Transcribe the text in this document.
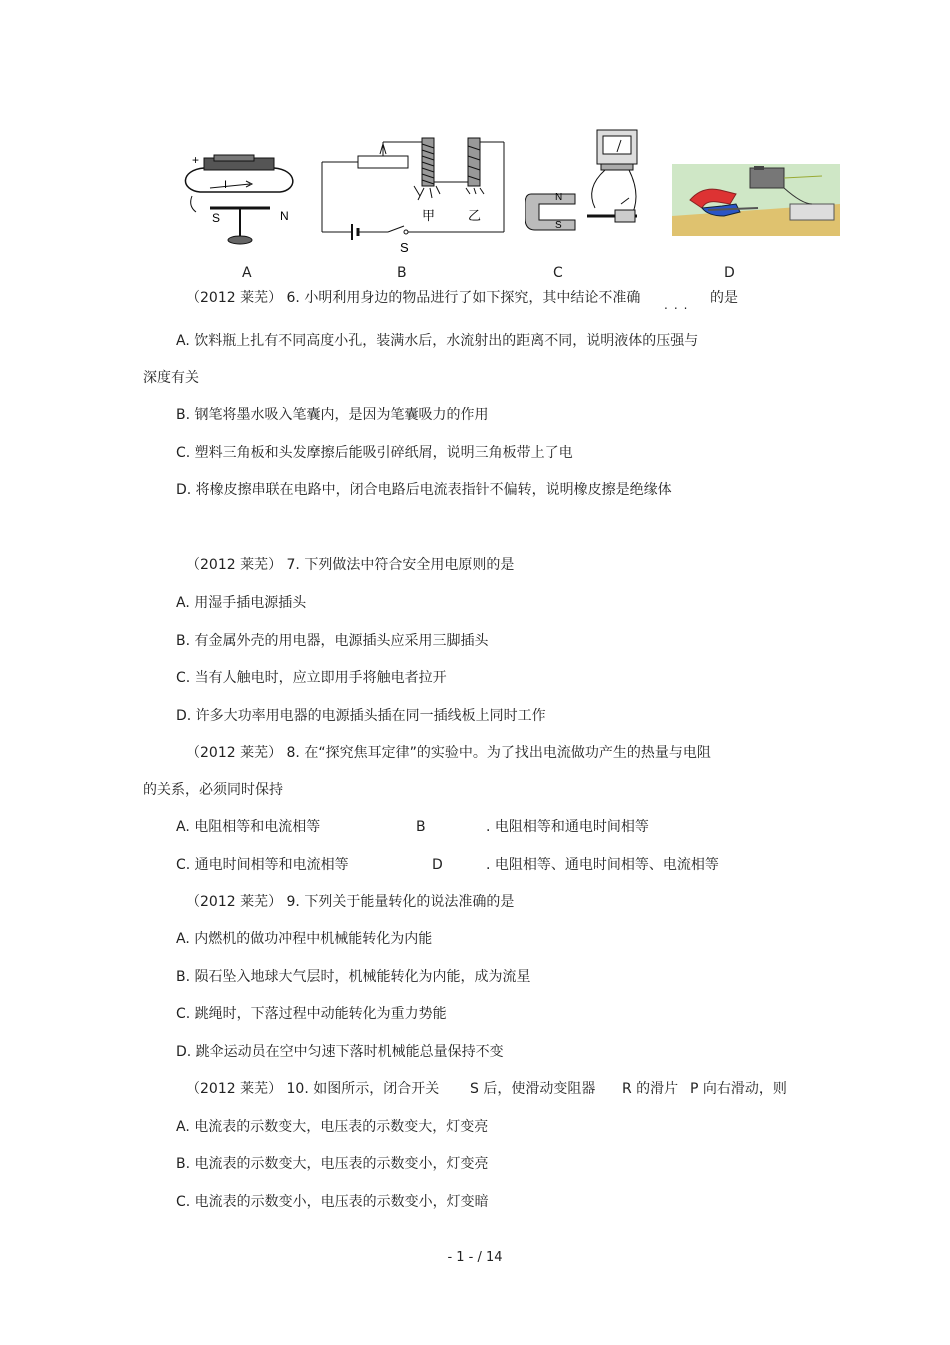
+
I
S	N
A
甲	乙
S
B
N
S
C	D
（2012 莱芜） 6. 小明利用身边的物品进行了如下探究，其中结论不准确 ... 的是
A. 饮料瓶上扎有不同高度小孔，装满水后，水流射出的距离不同，说明液体的压强与
深度有关
B. 钢笔将墨水吸入笔囊内，是因为笔囊吸力的作用
C. 塑料三角板和头发摩擦后能吸引碎纸屑，说明三角板带上了电
D. 将橡皮擦串联在电路中，闭合电路后电流表指针不偏转，说明橡皮擦是绝缘体
（2012 莱芜） 7. 下列做法中符合安全用电原则的是
A. 用湿手插电源插头
B. 有金属外壳的用电器，电源插头应采用三脚插头
C. 当有人触电时，应立即用手将触电者拉开
D. 许多大功率用电器的电源插头插在同一插线板上同时工作
（2012 莱芜） 8. 在“探究焦耳定律”的实验中。为了找出电流做功产生的热量与电阻
的关系，必须同时保持
A. 电阻相等和电流相等	B	. 电阻相等和通电时间相等
C. 通电时间相等和电流相等	D	. 电阻相等、通电时间相等、电流相等
（2012 莱芜） 9. 下列关于能量转化的说法准确的是
A. 内燃机的做功冲程中机械能转化为内能
B. 陨石坠入地球大气层时，机械能转化为内能，成为流星
C. 跳绳时，下落过程中动能转化为重力势能
D. 跳伞运动员在空中匀速下落时机械能总量保持不变
（2012 莱芜） 10. 如图所示，闭合开关 S 后，使滑动变阻器 R 的滑片 P 向右滑动，则
A. 电流表的示数变大，电压表的示数变大，灯变亮
B. 电流表的示数变大，电压表的示数变小，灯变亮
C. 电流表的示数变小，电压表的示数变小，灯变暗
- 1 - / 14
